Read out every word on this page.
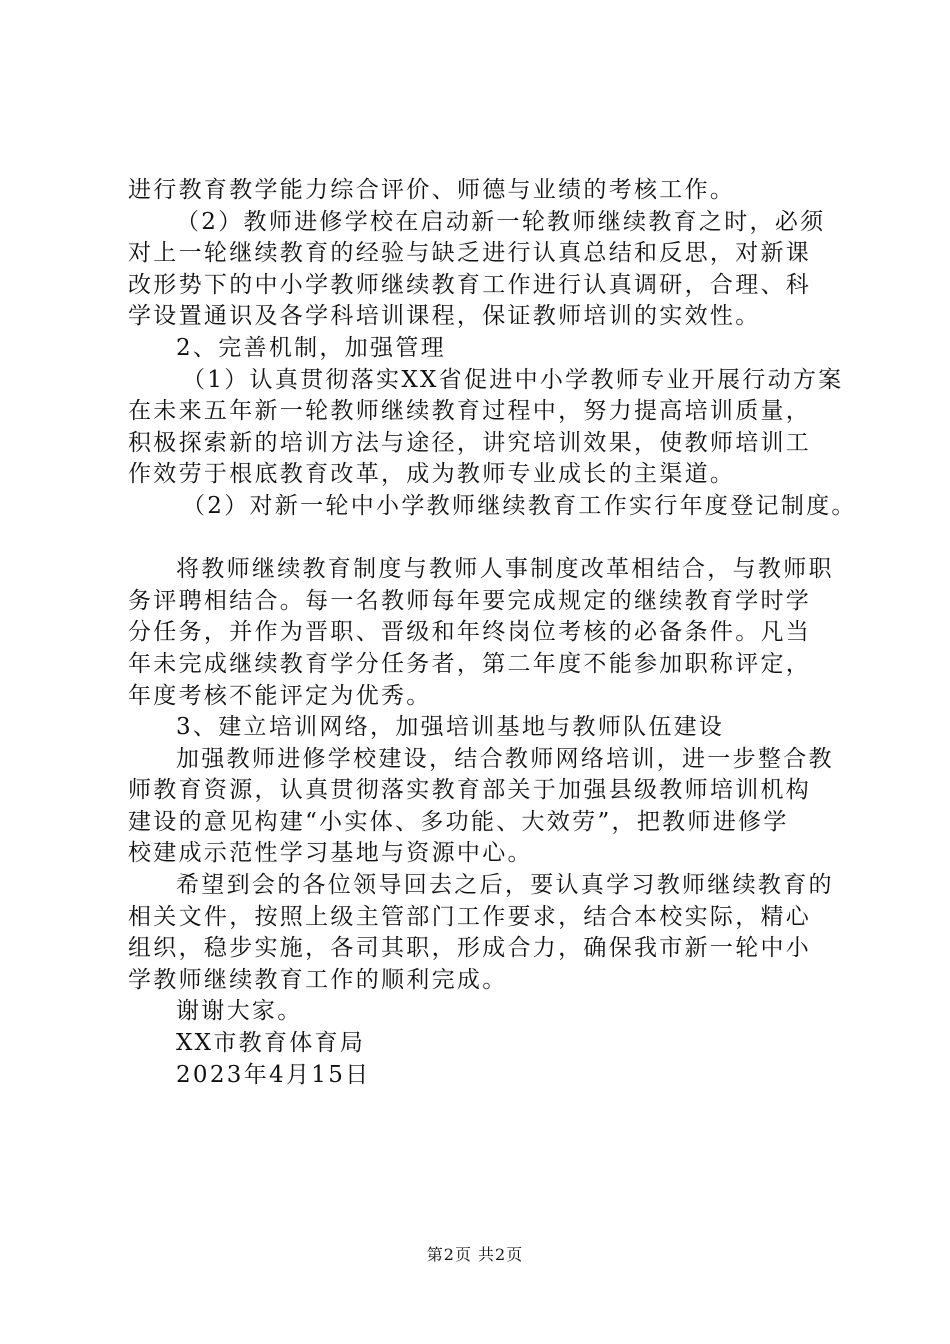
进行教育教学能力综合评价、师德与业绩的考核工作。
（2）教师进修学校在启动新一轮教师继续教育之时，必须
对上一轮继续教育的经验与缺乏进行认真总结和反思，对新课
改形势下的中小学教师继续教育工作进行认真调研，合理、科
学设置通识及各学科培训课程，保证教师培训的实效性。
2、完善机制，加强管理
（1）认真贯彻落实XX省促进中小学教师专业开展行动方案
在未来五年新一轮教师继续教育过程中，努力提高培训质量，
积极探索新的培训方法与途径，讲究培训效果，使教师培训工
作效劳于根底教育改革，成为教师专业成长的主渠道。
（2）对新一轮中小学教师继续教育工作实行年度登记制度。
将教师继续教育制度与教师人事制度改革相结合，与教师职
务评聘相结合。每一名教师每年要完成规定的继续教育学时学
分任务，并作为晋职、晋级和年终岗位考核的必备条件。凡当
年未完成继续教育学分任务者，第二年度不能参加职称评定，
年度考核不能评定为优秀。
3、建立培训网络，加强培训基地与教师队伍建设
加强教师进修学校建设，结合教师网络培训，进一步整合教
师教育资源，认真贯彻落实教育部关于加强县级教师培训机构
建设的意见构建“小实体、多功能、大效劳”，把教师进修学
校建成示范性学习基地与资源中心。
希望到会的各位领导回去之后，要认真学习教师继续教育的
相关文件，按照上级主管部门工作要求，结合本校实际，精心
组织，稳步实施，各司其职，形成合力，确保我市新一轮中小
学教师继续教育工作的顺利完成。
谢谢大家。
XX市教育体育局
2023年4月15日
第2页 共2页
